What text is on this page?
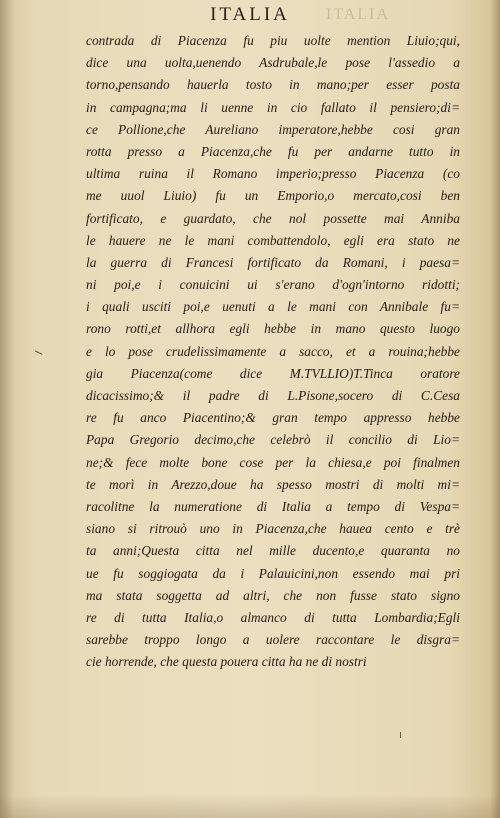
ITALIA	ITALIA
contrada di Piacenza fu piu uolte mention Liuio;qui,
dice una uolta,uenendo Asdrubale,le pose l'assedio a
torno,pensando hauerla tosto in mano;per esser posta
in campagna;ma li uenne in cio fallato il pensiero;di=
ce Pollione,che Aureliano imperatore,hebbe cosi gran
rotta presso a Piacenza,che fu per andarne tutto in
ultima ruina il Romano imperio;presso Piacenza (co
me uuol Liuio) fu un Emporio,o mercato,cosi ben
fortificato, e guardato, che nol possette mai Anniba
le hauere ne le mani combattendolo, egli era stato ne
la guerra di Francesi fortificato da Romani, i paesa=
ni poi,e i conuicini ui s'erano d'ogn'intorno ridotti;
i quali usciti poi,e uenuti a le mani con Annibale fu=
rono rotti,et allhora egli hebbe in mano questo luogo
e lo pose crudelissimamente a sacco, et a rouina;hebbe
gia Piacenza(come dice M.TVLLIO)T.Tinca oratore
dicacissimo;& il padre di L.Pisone,socero di C.Cesa
re fu anco Piacentino;& gran tempo appresso hebbe
Papa Gregorio decimo,che celebrò il concilio di Lio=
ne;& fece molte bone cose per la chiesa,e poi finalmen
te morì in Arezzo,doue ha spesso mostri di molti mi=
racolitne la numeratione di Italia a tempo di Vespa=
siano si ritrouò uno in Piacenza,che hauea cento e trè
ta anni;Questa citta nel mille ducento,e quaranta no
ue fu soggiogata da i Palauicini,non essendo mai pri
ma stata soggetta ad altri, che non fusse stato signo
re di tutta Italia,o almanco di tutta Lombardia;Egli
sarebbe troppo longo a uolere raccontare le disgra=
cie horrende, che questa pouera citta ha ne di nostri
